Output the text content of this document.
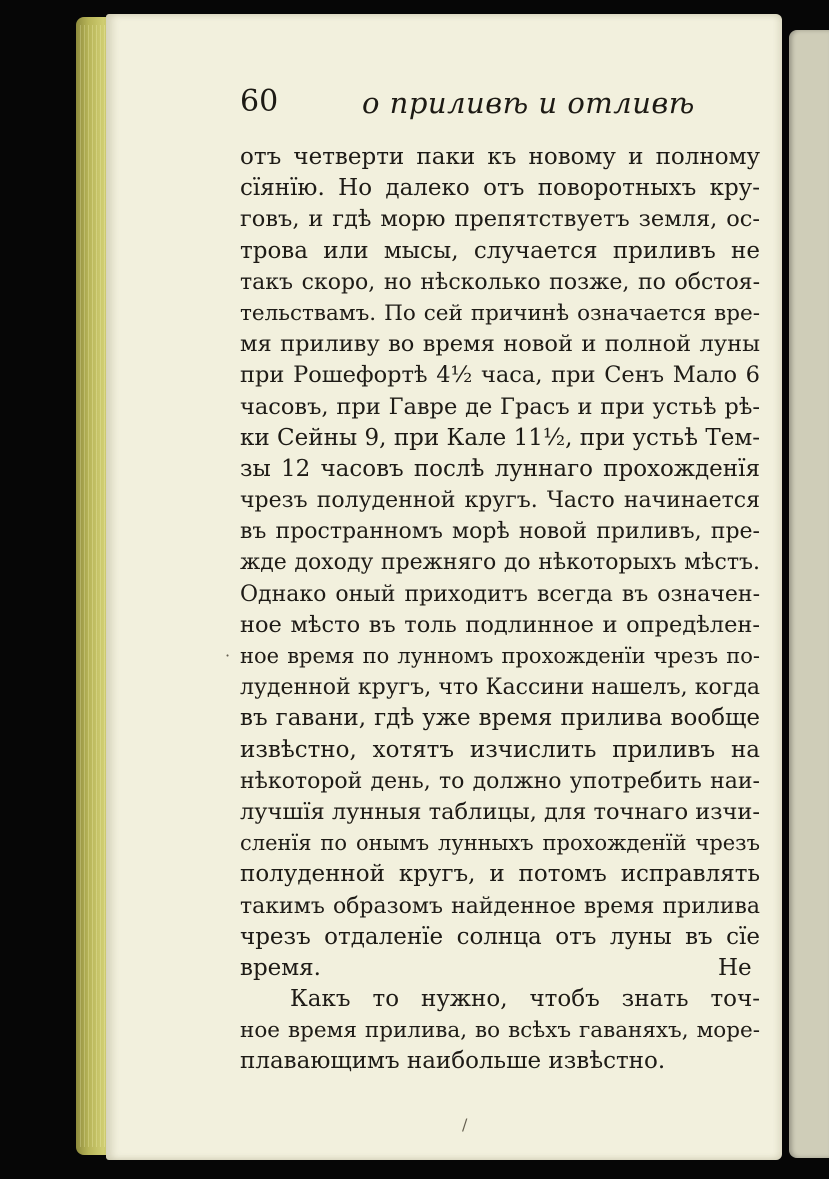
60	о приливѣ и отливѣ
отъ четверти паки къ новому и полному
сїянїю. Но далеко отъ поворотныхъ кру-
говъ, и гдѣ морю препятствуетъ земля, ос-
трова или мысы, случается приливъ не
такъ скоро, но нѣсколько позже, по обстоя-
тельствамъ. По сей причинѣ означается вре-
мя приливу во время новой и полной луны
при Рошефортѣ 4½ часа, при Сенъ Мало 6
часовъ, при Гавре де Грасъ и при устьѣ рѣ-
ки Сейны 9, при Кале 11½, при устьѣ Тем-
зы 12 часовъ послѣ луннаго прохожденїя
чрезъ полуденной кругъ. Часто начинается
въ пространномъ морѣ новой приливъ, пре-
жде доходу прежняго до нѣкоторыхъ мѣстъ.
Однако оный приходитъ всегда въ означен-
ное мѣсто въ толь подлинное и опредѣлен-
ное время по лунномъ прохожденїи чрезъ по-
луденной кругъ, что Кассини нашелъ, когда
въ гавани, гдѣ уже время прилива вообще
извѣстно, хотятъ изчислить приливъ на
нѣкоторой день, то должно употребить наи-
лучшїя лунныя таблицы, для точнаго изчи-
сленїя по онымъ лунныхъ прохожденїй чрезъ
полуденной кругъ, и потомъ исправлять
такимъ образомъ найденное время прилива
чрезъ отдаленїе солнца отъ луны въ сїе
время.
Какъ то нужно, чтобъ знать точ-
ное время прилива, во всѣхъ гаваняхъ, море-
плавающимъ наибольше извѣстно.
Не
·
/
